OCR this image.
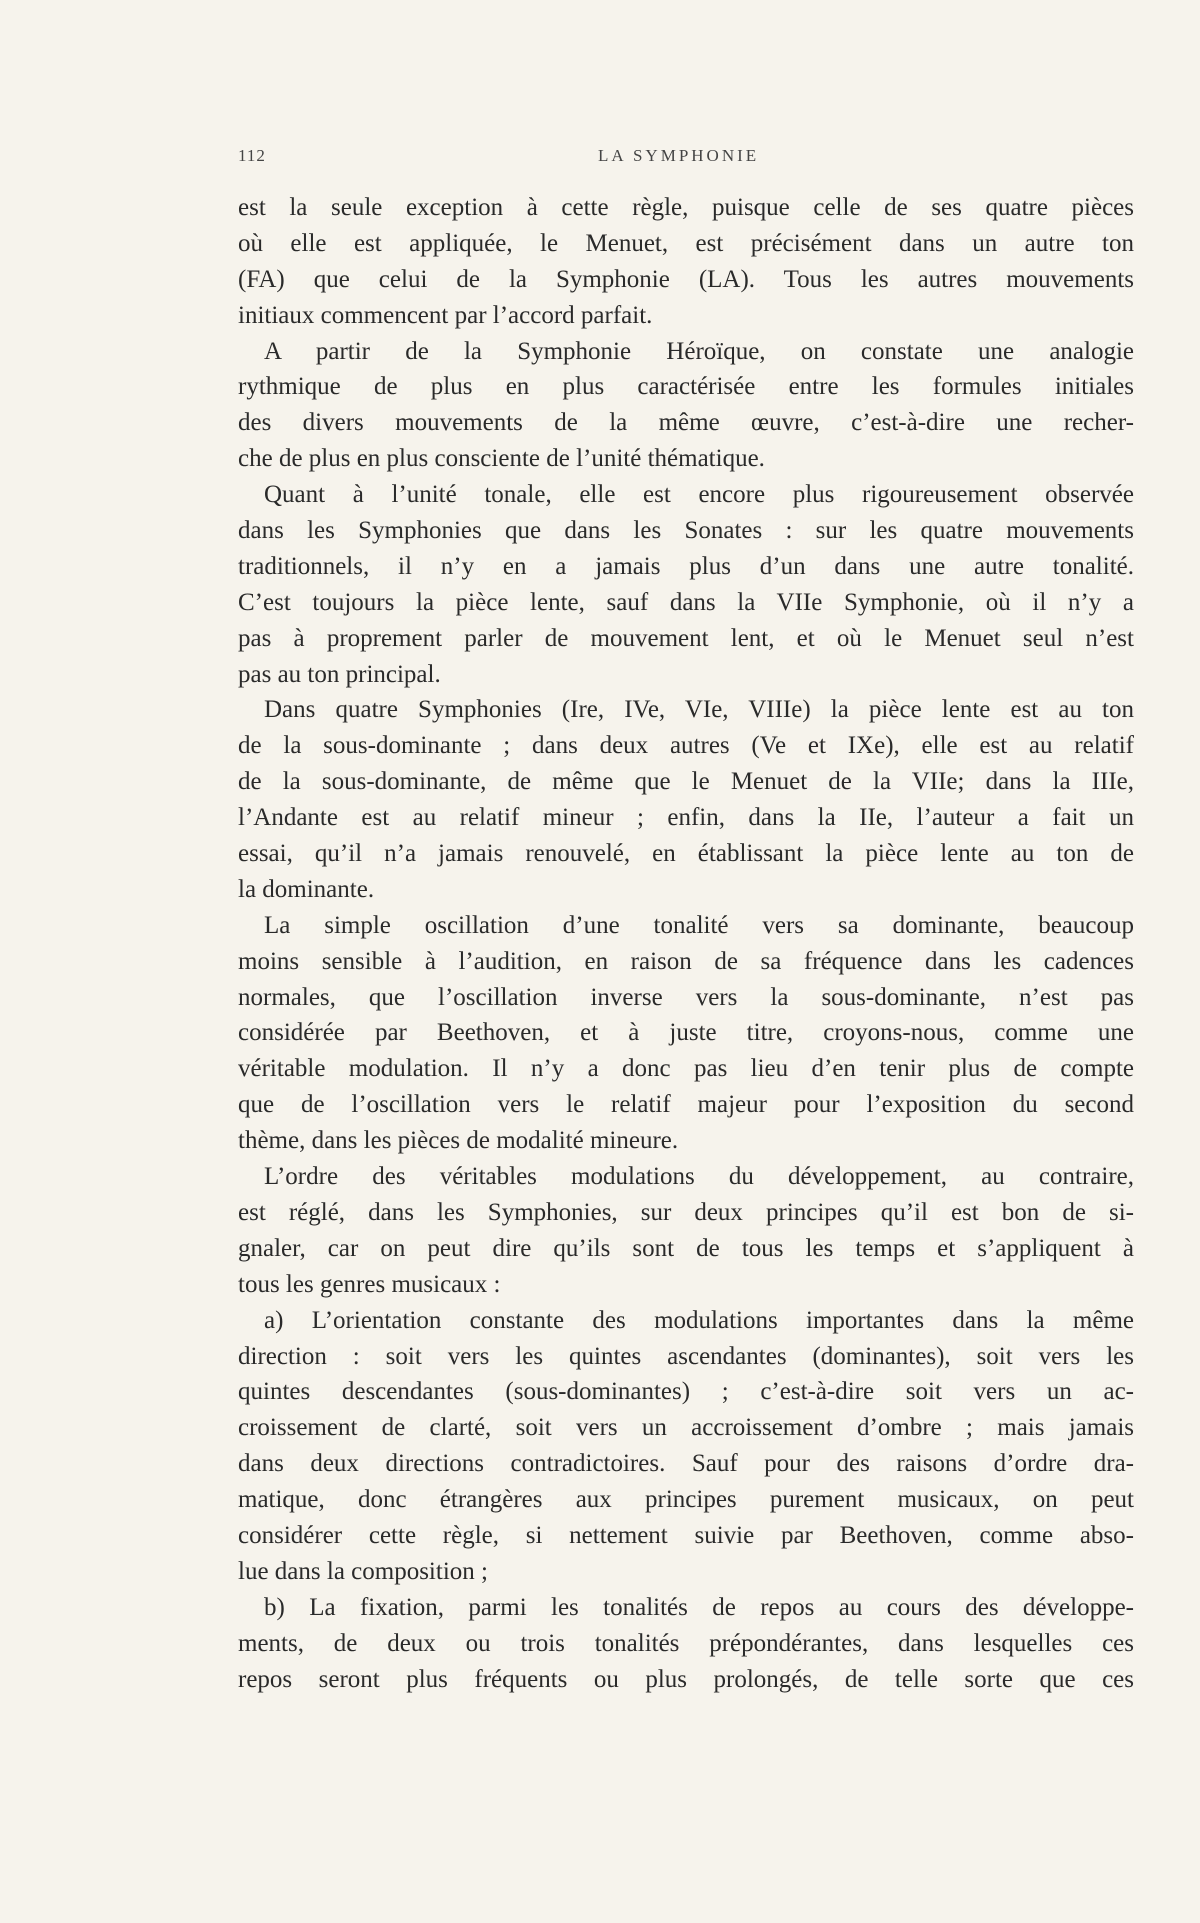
112	LA SYMPHONIE
est la seule exception à cette règle, puisque celle de ses quatre pièces
où elle est appliquée, le Menuet, est précisément dans un autre ton
(FA) que celui de la Symphonie (LA). Tous les autres mouvements
initiaux commencent par l’accord parfait.
A partir de la Symphonie Héroïque, on constate une analogie
rythmique de plus en plus caractérisée entre les formules initiales
des divers mouvements de la même œuvre, c’est-à-dire une recher-
che de plus en plus consciente de l’unité thématique.
Quant à l’unité tonale, elle est encore plus rigoureusement observée
dans les Symphonies que dans les Sonates : sur les quatre mouvements
traditionnels, il n’y en a jamais plus d’un dans une autre tonalité.
C’est toujours la pièce lente, sauf dans la VIIe Symphonie, où il n’y a
pas à proprement parler de mouvement lent, et où le Menuet seul n’est
pas au ton principal.
Dans quatre Symphonies (Ire, IVe, VIe, VIIIe) la pièce lente est au ton
de la sous-dominante ; dans deux autres (Ve et IXe), elle est au relatif
de la sous-dominante, de même que le Menuet de la VIIe; dans la IIIe,
l’Andante est au relatif mineur ; enfin, dans la IIe, l’auteur a fait un
essai, qu’il n’a jamais renouvelé, en établissant la pièce lente au ton de
la dominante.
La simple oscillation d’une tonalité vers sa dominante, beaucoup
moins sensible à l’audition, en raison de sa fréquence dans les cadences
normales, que l’oscillation inverse vers la sous-dominante, n’est pas
considérée par Beethoven, et à juste titre, croyons-nous, comme une
véritable modulation. Il n’y a donc pas lieu d’en tenir plus de compte
que de l’oscillation vers le relatif majeur pour l’exposition du second
thème, dans les pièces de modalité mineure.
L’ordre des véritables modulations du développement, au contraire,
est réglé, dans les Symphonies, sur deux principes qu’il est bon de si-
gnaler, car on peut dire qu’ils sont de tous les temps et s’appliquent à
tous les genres musicaux :
a) L’orientation constante des modulations importantes dans la même
direction : soit vers les quintes ascendantes (dominantes), soit vers les
quintes descendantes (sous-dominantes) ; c’est-à-dire soit vers un ac-
croissement de clarté, soit vers un accroissement d’ombre ; mais jamais
dans deux directions contradictoires. Sauf pour des raisons d’ordre dra-
matique, donc étrangères aux principes purement musicaux, on peut
considérer cette règle, si nettement suivie par Beethoven, comme abso-
lue dans la composition ;
b) La fixation, parmi les tonalités de repos au cours des développe-
ments, de deux ou trois tonalités prépondérantes, dans lesquelles ces
repos seront plus fréquents ou plus prolongés, de telle sorte que ces
